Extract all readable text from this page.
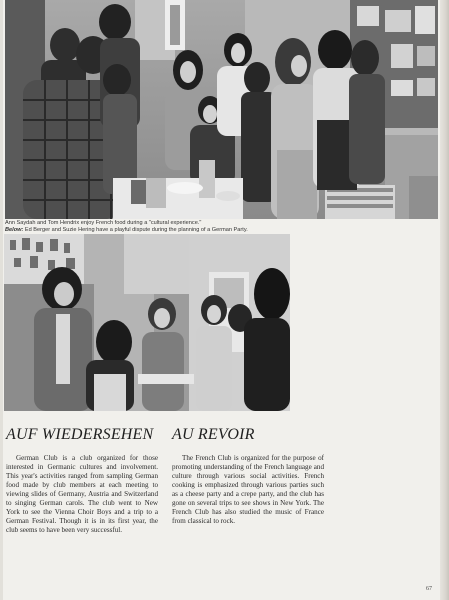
Ann Saydah and Tom Hendrix enjoy French food during a "cultural experience."
Below: Ed Berger and Suzie Hering have a playful dispute during the planning of a German Party.
AUF WIEDERSEHEN AU REVOIR

German Club is a club organized for those interested in Germanic cultures and involvement. This year's activities ranged from sampling German food made by club members at each meeting to viewing slides of Germany, Austria and Switzerland to singing German carols. The club went to New York to see the Vienna Choir Boys and a trip to a German Festival. Though it is in its first year, the club seems to have been very successful.

The French Club is organized for the purpose of promoting understanding of the French language and culture through various social activities. French cooking is emphasized through various parties such as a cheese party and a crepe party, and the club has gone on several trips to see shows in New York. The French Club has also studied the music of France from classical to rock.

67
